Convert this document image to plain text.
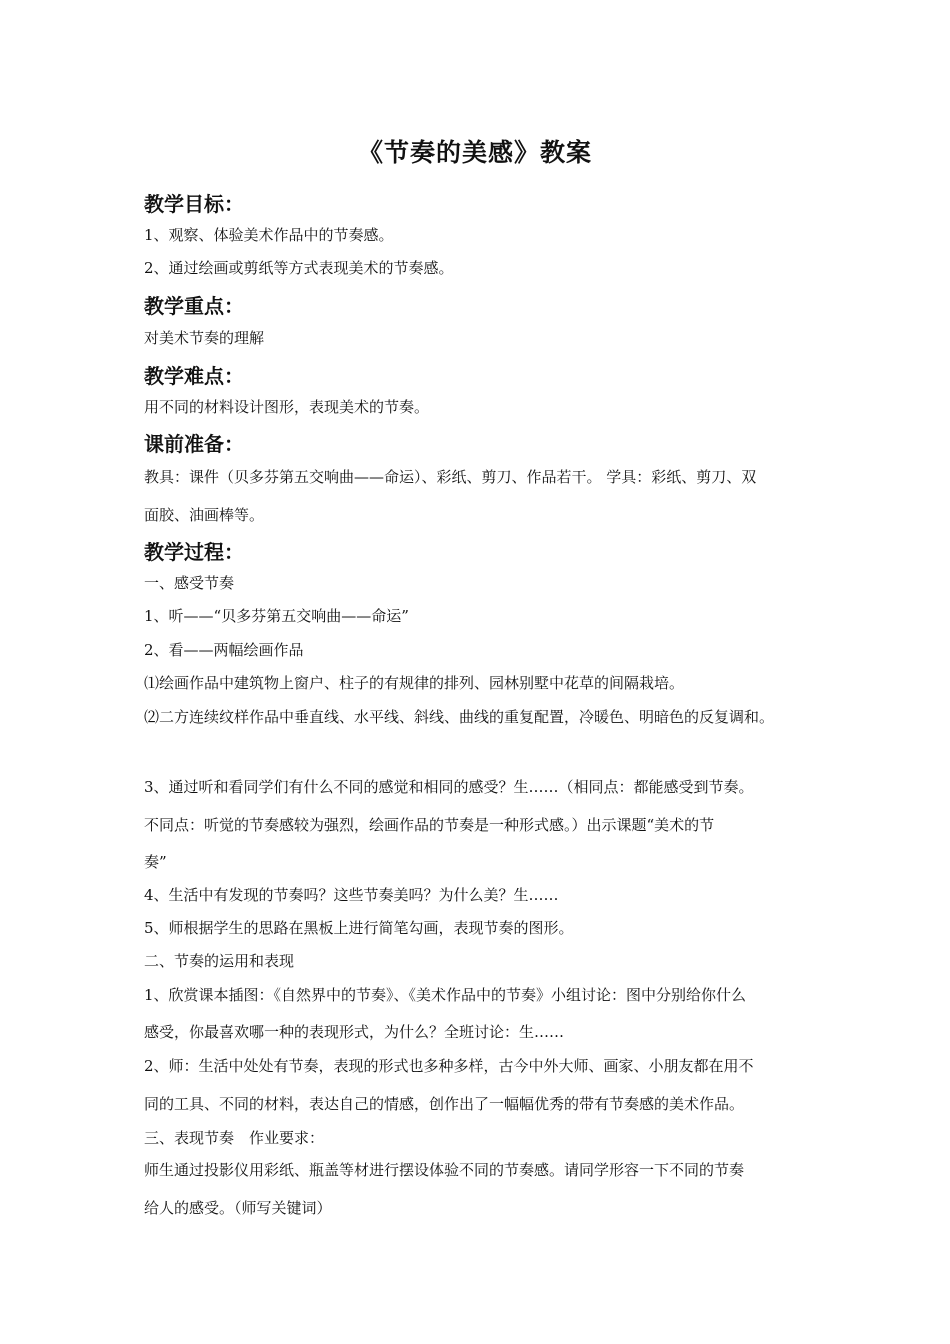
《节奏的美感》教案
教学目标：
1、观察、体验美术作品中的节奏感。
2、通过绘画或剪纸等方式表现美术的节奏感。
教学重点：
对美术节奏的理解
教学难点：
用不同的材料设计图形，表现美术的节奏。
课前准备：
教具：课件（贝多芬第五交响曲——命运）、彩纸、剪刀、作品若干。 学具：彩纸、剪刀、双
面胶、油画棒等。
教学过程：
一、感受节奏
1、听——“贝多芬第五交响曲——命运”
2、看——两幅绘画作品
⑴绘画作品中建筑物上窗户、柱子的有规律的排列、园林别墅中花草的间隔栽培。
⑵二方连续纹样作品中垂直线、水平线、斜线、曲线的重复配置，冷暖色、明暗色的反复调和。
3、通过听和看同学们有什么不同的感觉和相同的感受？生……（相同点：都能感受到节奏。
不同点：听觉的节奏感较为强烈，绘画作品的节奏是一种形式感。）出示课题“美术的节
奏”
4、生活中有发现的节奏吗？这些节奏美吗？为什么美？生……
5、师根据学生的思路在黑板上进行简笔勾画，表现节奏的图形。
二、节奏的运用和表现
1、欣赏课本插图：《自然界中的节奏》、《美术作品中的节奏》小组讨论：图中分别给你什么
感受，你最喜欢哪一种的表现形式，为什么？全班讨论：生……
2、师：生活中处处有节奏，表现的形式也多种多样，古今中外大师、画家、小朋友都在用不
同的工具、不同的材料，表达自己的情感，创作出了一幅幅优秀的带有节奏感的美术作品。
三、表现节奏　作业要求：
师生通过投影仪用彩纸、瓶盖等材进行摆设体验不同的节奏感。请同学形容一下不同的节奏
给人的感受。（师写关键词）
